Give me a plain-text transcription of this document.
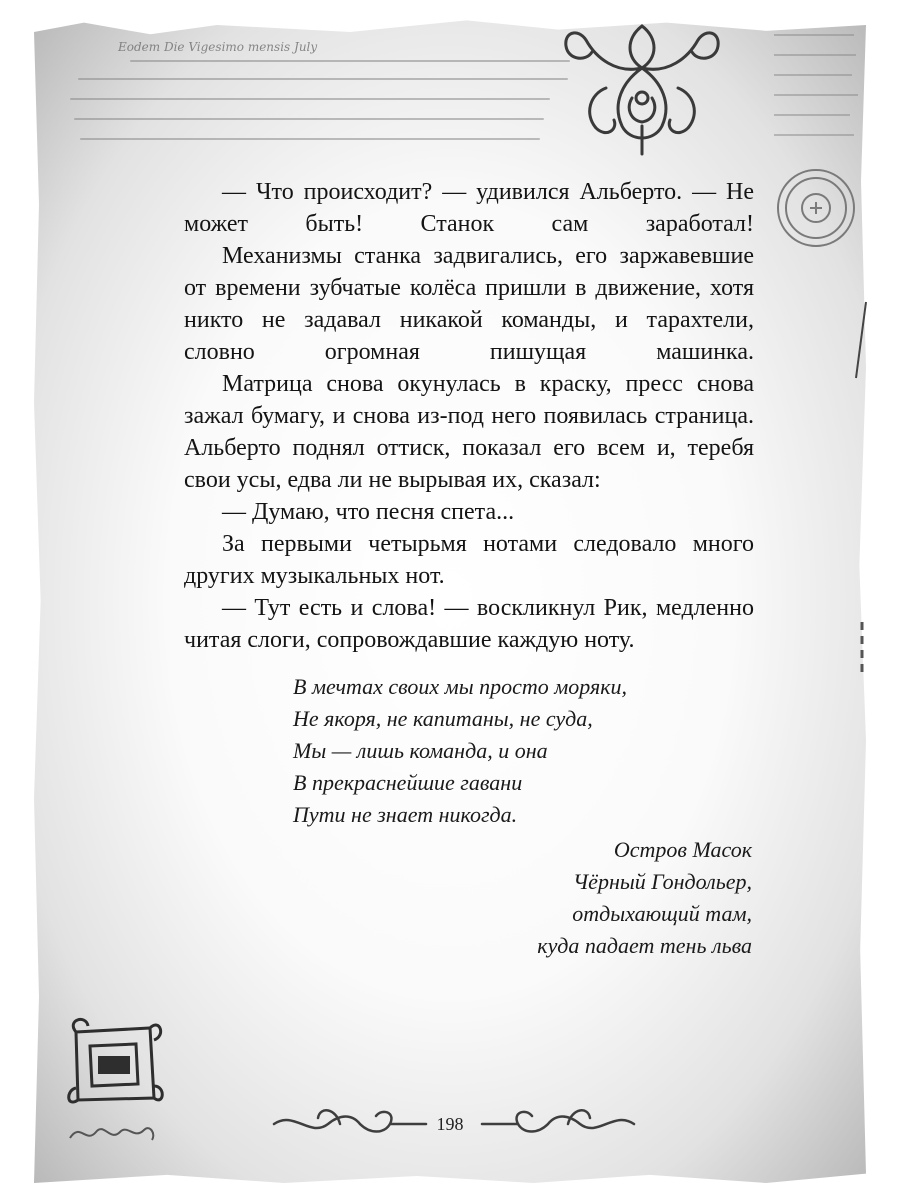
Eodem Die Vigesimo mensis July

— Что происходит? — удивился Альберто. — Не может быть! Станок сам заработал!

Механизмы станка задвигались, его заржавевшие от времени зубчатые колёса пришли в движение, хотя никто не задавал никакой команды, и тарахтели, словно огромная пишущая машинка.

Матрица снова окунулась в краску, пресс снова зажал бумагу, и снова из-под него появилась страница. Альберто поднял оттиск, показал его всем и, теребя свои усы, едва ли не вырывая их, сказал:

— Думаю, что песня спета...

За первыми четырьмя нотами следовало много других музыкальных нот.

— Тут есть и слова! — воскликнул Рик, медленно читая слоги, сопровождавшие каждую ноту.

В мечтах своих мы просто моряки,
Не якоря, не капитаны, не суда,
Мы — лишь команда, и она
В прекраснейшие гавани
Пути не знает никогда.
Остров Масок
Чёрный Гондольер,
отдыхающий там,
куда падает тень льва
198
